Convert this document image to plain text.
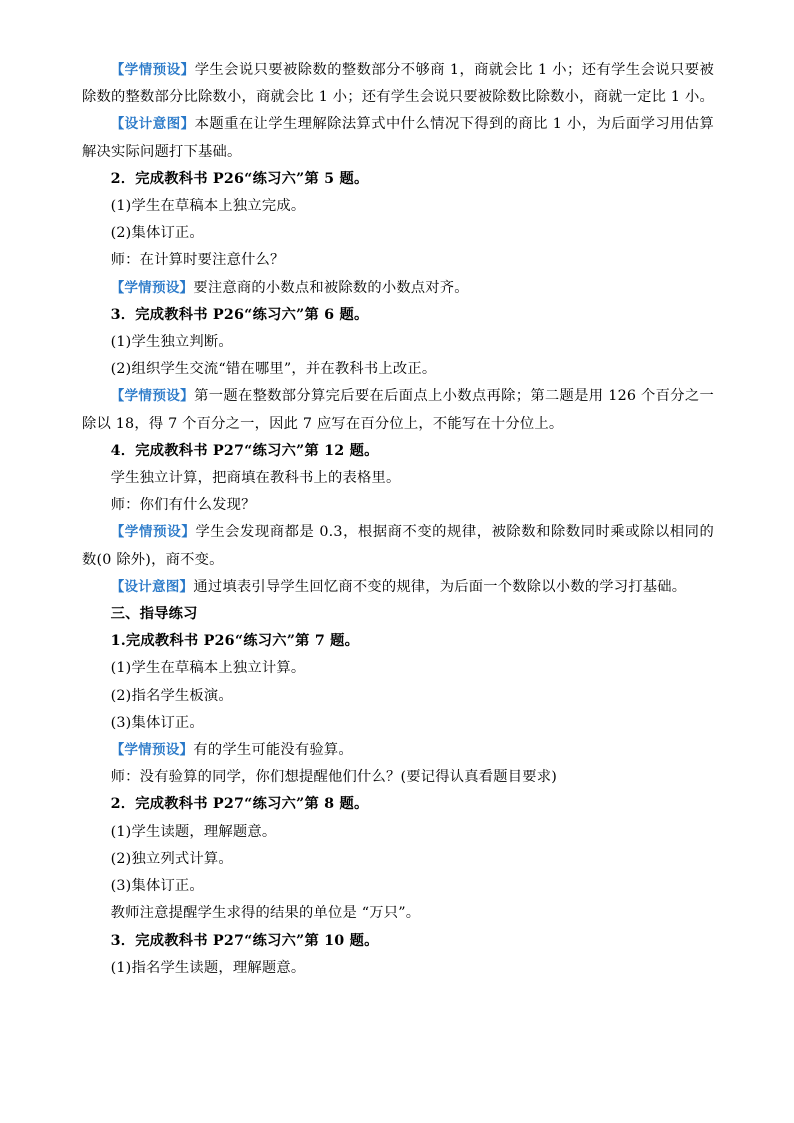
【学情预设】学生会说只要被除数的整数部分不够商 1，商就会比 1 小；还有学生会说只要被除数的整数部分比除数小，商就会比 1 小；还有学生会说只要被除数比除数小，商就一定比 1 小。

【设计意图】本题重在让学生理解除法算式中什么情况下得到的商比 1 小，为后面学习用估算解决实际问题打下基础。

2．完成教科书 P26“练习六”第 5 题。

(1)学生在草稿本上独立完成。

(2)集体订正。

师：在计算时要注意什么？

【学情预设】要注意商的小数点和被除数的小数点对齐。

3．完成教科书 P26“练习六”第 6 题。

(1)学生独立判断。

(2)组织学生交流“错在哪里”，并在教科书上改正。

【学情预设】第一题在整数部分算完后要在后面点上小数点再除；第二题是用 126 个百分之一除以 18，得 7 个百分之一，因此 7 应写在百分位上，不能写在十分位上。

4．完成教科书 P27“练习六”第 12 题。

学生独立计算，把商填在教科书上的表格里。

师：你们有什么发现？

【学情预设】学生会发现商都是 0.3，根据商不变的规律，被除数和除数同时乘或除以相同的数(0 除外)，商不变。

【设计意图】通过填表引导学生回忆商不变的规律，为后面一个数除以小数的学习打基础。

三、指导练习

1.完成教科书 P26“练习六”第 7 题。

(1)学生在草稿本上独立计算。

(2)指名学生板演。

(3)集体订正。

【学情预设】有的学生可能没有验算。

师：没有验算的同学，你们想提醒他们什么？(要记得认真看题目要求)

2．完成教科书 P27“练习六”第 8 题。

(1)学生读题，理解题意。

(2)独立列式计算。

(3)集体订正。

教师注意提醒学生求得的结果的单位是 “万只”。

3．完成教科书 P27“练习六”第 10 题。

(1)指名学生读题，理解题意。
